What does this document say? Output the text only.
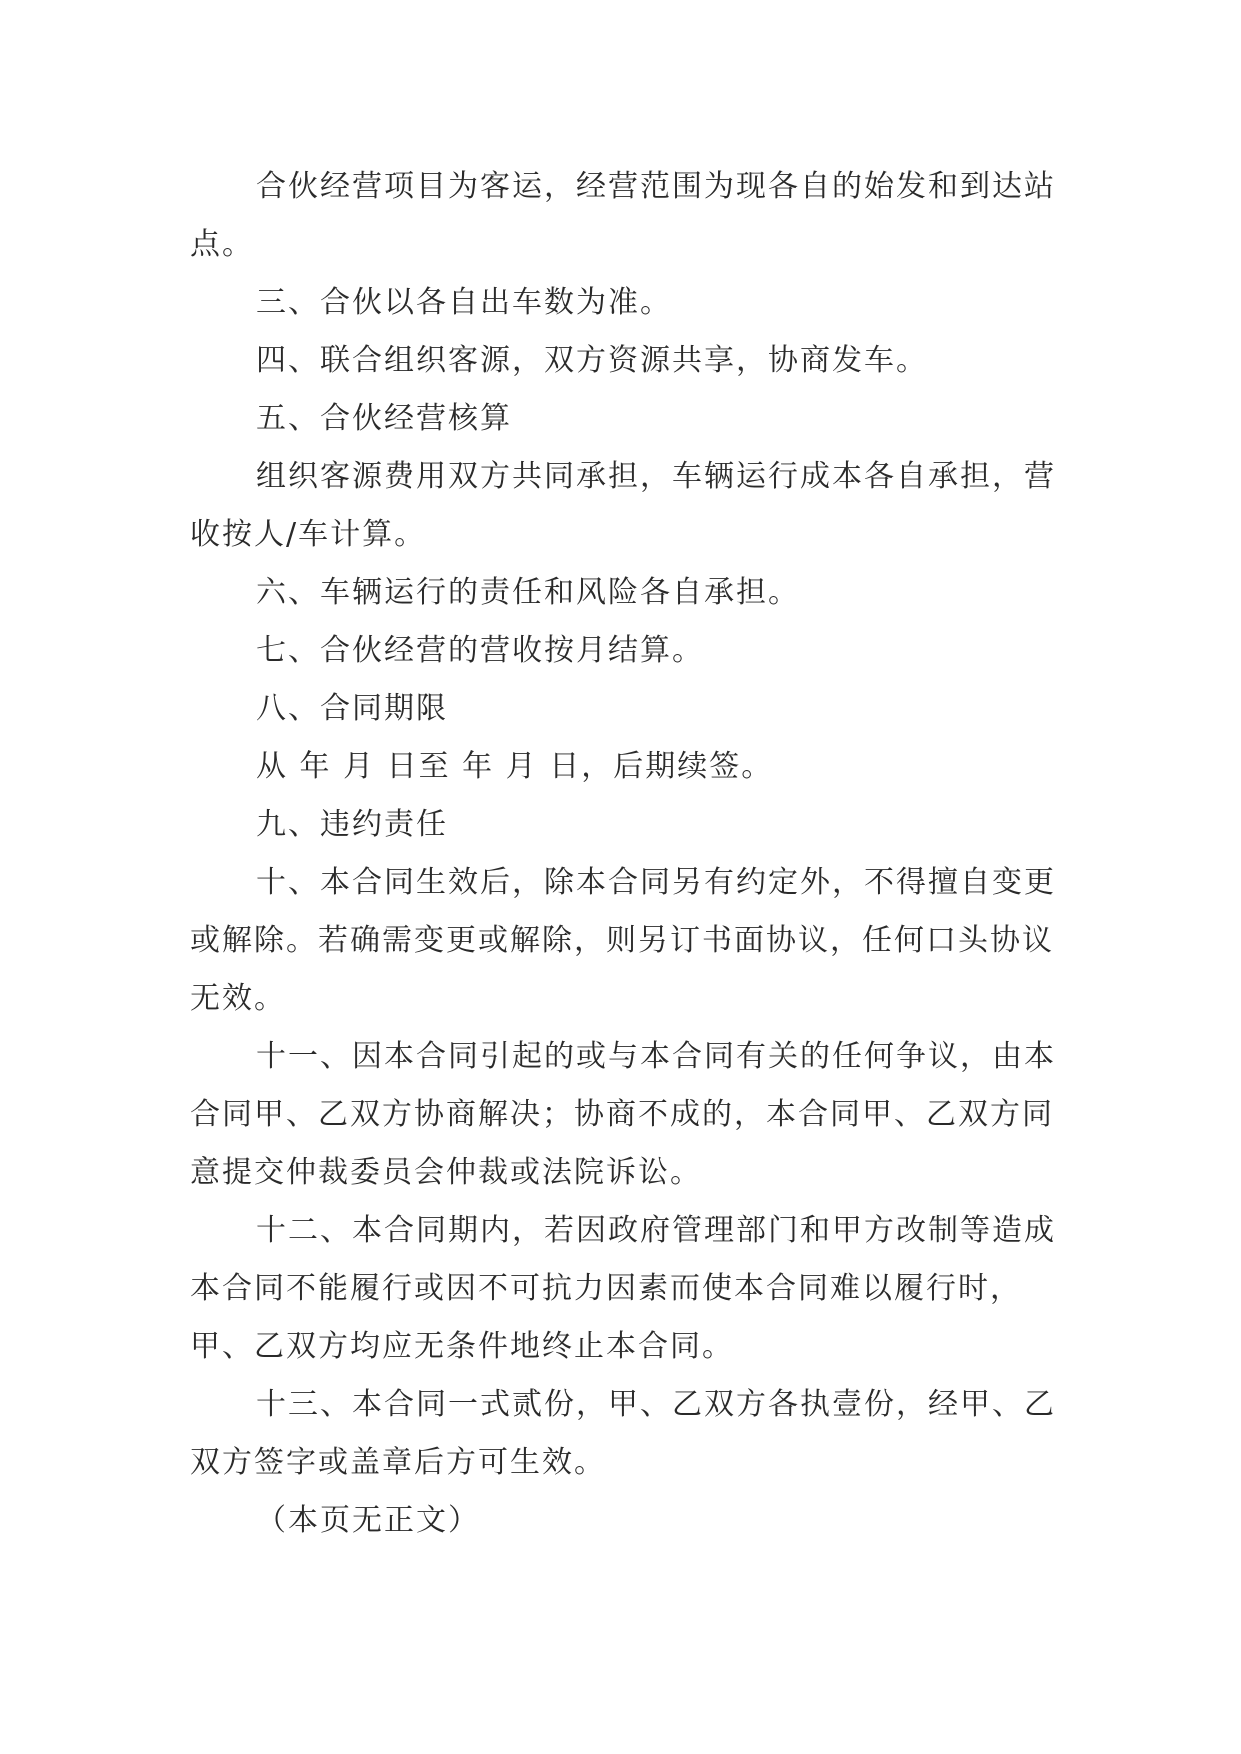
合伙经营项目为客运，经营范围为现各自的始发和到达站点。

三、合伙以各自出车数为准。

四、联合组织客源，双方资源共享，协商发车。

五、合伙经营核算

组织客源费用双方共同承担，车辆运行成本各自承担，营收按人/车计算。

六、车辆运行的责任和风险各自承担。

七、合伙经营的营收按月结算。

八、合同期限

从 年 月 日至 年 月 日，后期续签。

九、违约责任

十、本合同生效后，除本合同另有约定外，不得擅自变更或解除。若确需变更或解除，则另订书面协议，任何口头协议无效。

十一、因本合同引起的或与本合同有关的任何争议，由本合同甲、乙双方协商解决；协商不成的，本合同甲、乙双方同意提交仲裁委员会仲裁或法院诉讼。

十二、本合同期内，若因政府管理部门和甲方改制等造成本合同不能履行或因不可抗力因素而使本合同难以履行时，甲、乙双方均应无条件地终止本合同。

十三、本合同一式贰份，甲、乙双方各执壹份，经甲、乙双方签字或盖章后方可生效。

（本页无正文）
